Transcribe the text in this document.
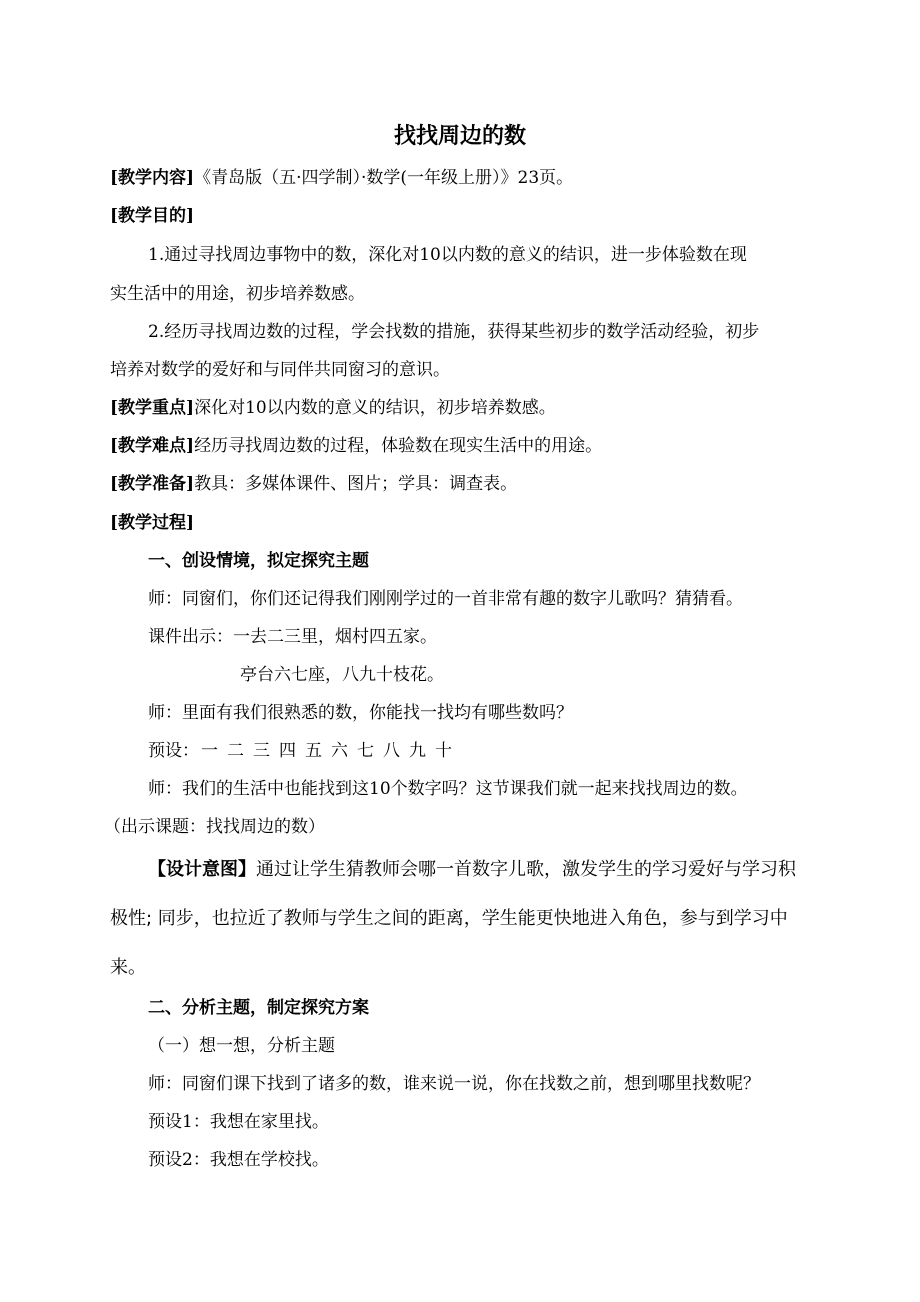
找找周边的数
[教学内容]《青岛版（五·四学制）·数学(一年级上册）》23页。
[教学目的]
1.通过寻找周边事物中的数，深化对10以内数的意义的结识，进一步体验数在现
实生活中的用途，初步培养数感。
2.经历寻找周边数的过程，学会找数的措施，获得某些初步的数学活动经验，初步
培养对数学的爱好和与同伴共同窗习的意识。
[教学重点]深化对10以内数的意义的结识，初步培养数感。
[教学难点]经历寻找周边数的过程，体验数在现实生活中的用途。
[教学准备]教具：多媒体课件、图片；学具：调查表。
[教学过程]
一、创设情境，拟定探究主题
师：同窗们，你们还记得我们刚刚学过的一首非常有趣的数字儿歌吗？猜猜看。
课件出示：一去二三里，烟村四五家。
亭台六七座，八九十枝花。
师：里面有我们很熟悉的数，你能找一找均有哪些数吗？
预设： 一 二 三 四 五 六 七 八 九 十
师：我们的生活中也能找到这10个数字吗？这节课我们就一起来找找周边的数。
（出示课题：找找周边的数）
【设计意图】通过让学生猜教师会哪一首数字儿歌，激发学生的学习爱好与学习积
极性; 同步，也拉近了教师与学生之间的距离，学生能更快地进入角色，参与到学习中
来。
二、分析主题，制定探究方案
（一）想一想，分析主题
师：同窗们课下找到了诸多的数，谁来说一说，你在找数之前，想到哪里找数呢？
预设1：我想在家里找。
预设2：我想在学校找。
